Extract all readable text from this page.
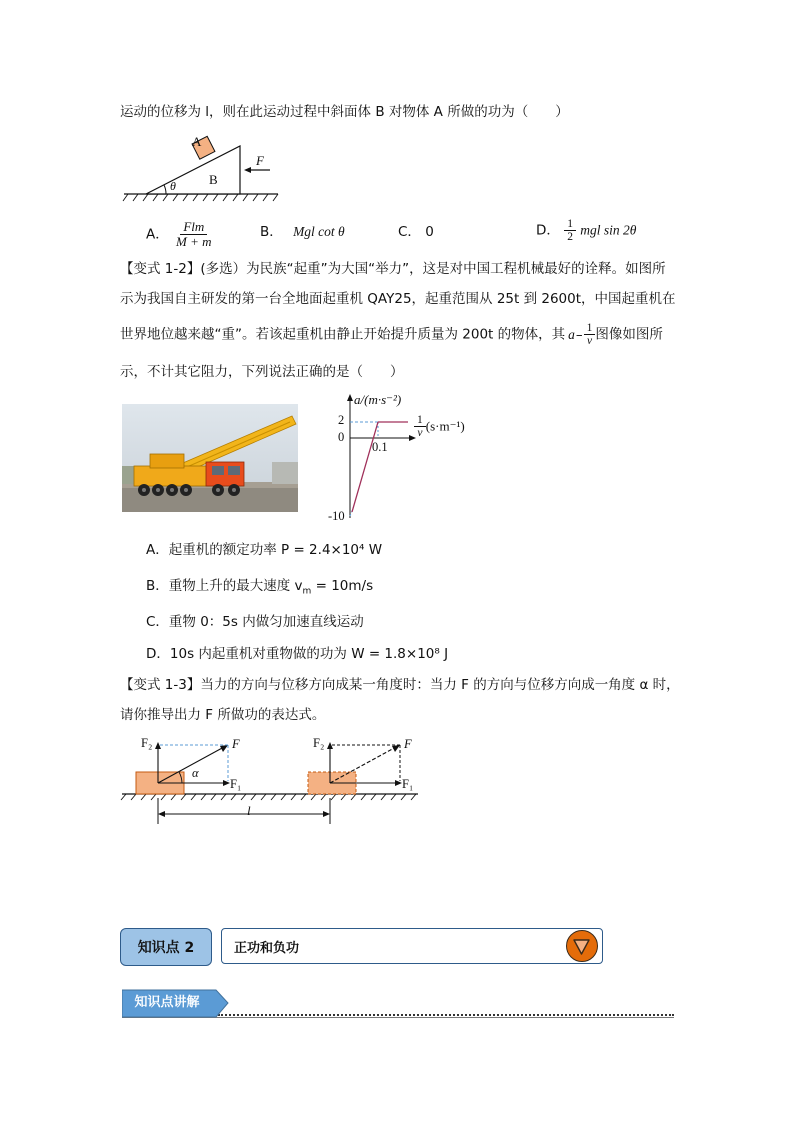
运动的位移为 l，则在此运动过程中斜面体 B 对物体 A 所做的功为（　　）
A
B
F
θ
A． $\frac{\text{Flm}}{M + m}$	B． Mgl cot θ	C． 0	D． $\frac{1}{2}$ mgl sin 2θ
【变式 1-2】(多选）为民族“起重”为大国“举力”，这是对中国工程机械最好的诠释。如图所
示为我国自主研发的第一台全地面起重机 QAY25，起重范围从 25t 到 2600t，中国起重机在
世界地位越来越“重”。若该起重机由静止开始提升质量为 200t 的物体，其 $a- \frac{1}{v}$ 图像如图所
示，不计其它阻力，下列说法正确的是（　　）
a/(m·s⁻²)
2
0
0.1
-10
$\frac{1}{v} (s\cdot m^{-1})$
A．起重机的额定功率 P = 2.4×10⁴ W
B．重物上升的最大速度 $v_m = 10m/s$
C．重物 0：5s 内做匀加速直线运动
D．10s 内起重机对重物做的功为 W = 1.8×10⁸ J
【变式 1-3】当力的方向与位移方向成某一角度时：当力 F 的方向与位移方向成一角度 α 时，
请你推导出力 F 所做功的表达式。
F₂	F
α
F₁
F₂	F
F₁
l
知识点 2	正功和负功
知识点讲解
